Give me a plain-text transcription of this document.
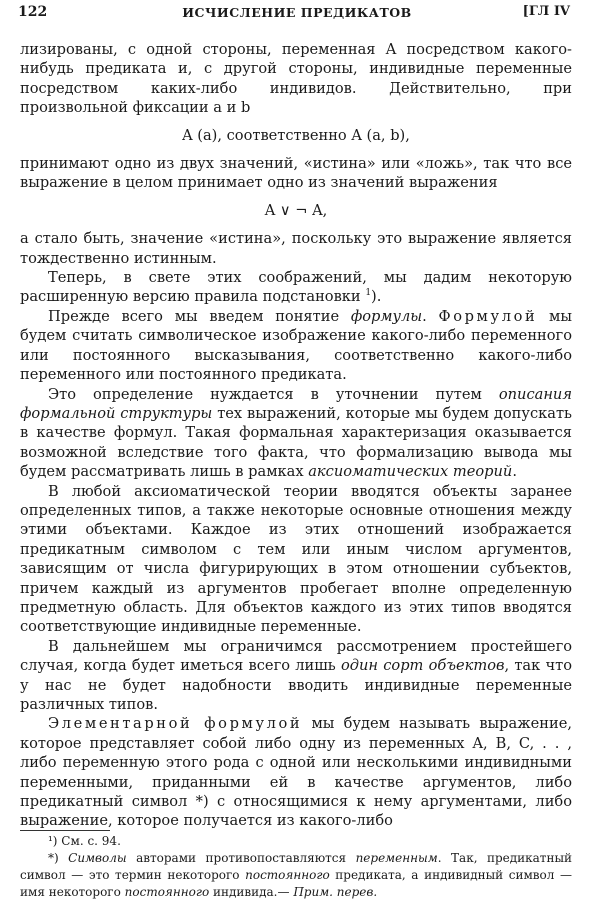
122	ИСЧИСЛЕНИЕ ПРЕДИКАТОВ	[ГЛ IV

лизированы, с одной стороны, переменная A посредством какого-нибудь предиката и, с другой стороны, индивидные переменные посредством каких-либо индивидов. Действительно, при произвольной фиксации a и b

A (a), соответственно A (a, b),

принимают одно из двух значений, «истина» или «ложь», так что все выражение в целом принимает одно из значений выражения

A ∨ ¬ A,

а стало быть, значение «истина», поскольку это выражение является тождественно истинным.

Теперь, в свете этих соображений, мы дадим некоторую расширенную версию правила подстановки $^1$).

Прежде всего мы введем понятие формулы. Формулой мы будем считать символическое изображение какого-либо переменного или постоянного высказывания, соответственно какого-либо переменного или постоянного предиката.

Это определение нуждается в уточнении путем описания формальной структуры тех выражений, которые мы будем допускать в качестве формул. Такая формальная характеризация оказывается возможной вследствие того факта, что формализацию вывода мы будем рассматривать лишь в рамках аксиоматических теорий.

В любой аксиоматической теории вводятся объекты заранее определенных типов, а также некоторые основные отношения между этими объектами. Каждое из этих отношений изображается предикатным символом с тем или иным числом аргументов, зависящим от числа фигурирующих в этом отношении субъектов, причем каждый из аргументов пробегает вполне определенную предметную область. Для объектов каждого из этих типов вводятся соответствующие индивидные переменные.

В дальнейшем мы ограничимся рассмотрением простейшего случая, когда будет иметься всего лишь один сорт объектов, так что у нас не будет надобности вводить индивидные переменные различных типов.

Элементарной формулой мы будем называть выражение, которое представляет собой либо одну из переменных A, B, C, . . , либо переменную этого рода с одной или несколькими индивидными переменными, приданными ей в качестве аргументов, либо предикатный символ *) с относящимися к нему аргументами, либо выражение, которое получается из какого-либо

¹) См. с. 94.

*) Символы авторами противопоставляются переменным. Так, предикатный символ — это термин некоторого постоянного предиката, а индивидный символ — имя некоторого постоянного индивида.— Прим. перев.
